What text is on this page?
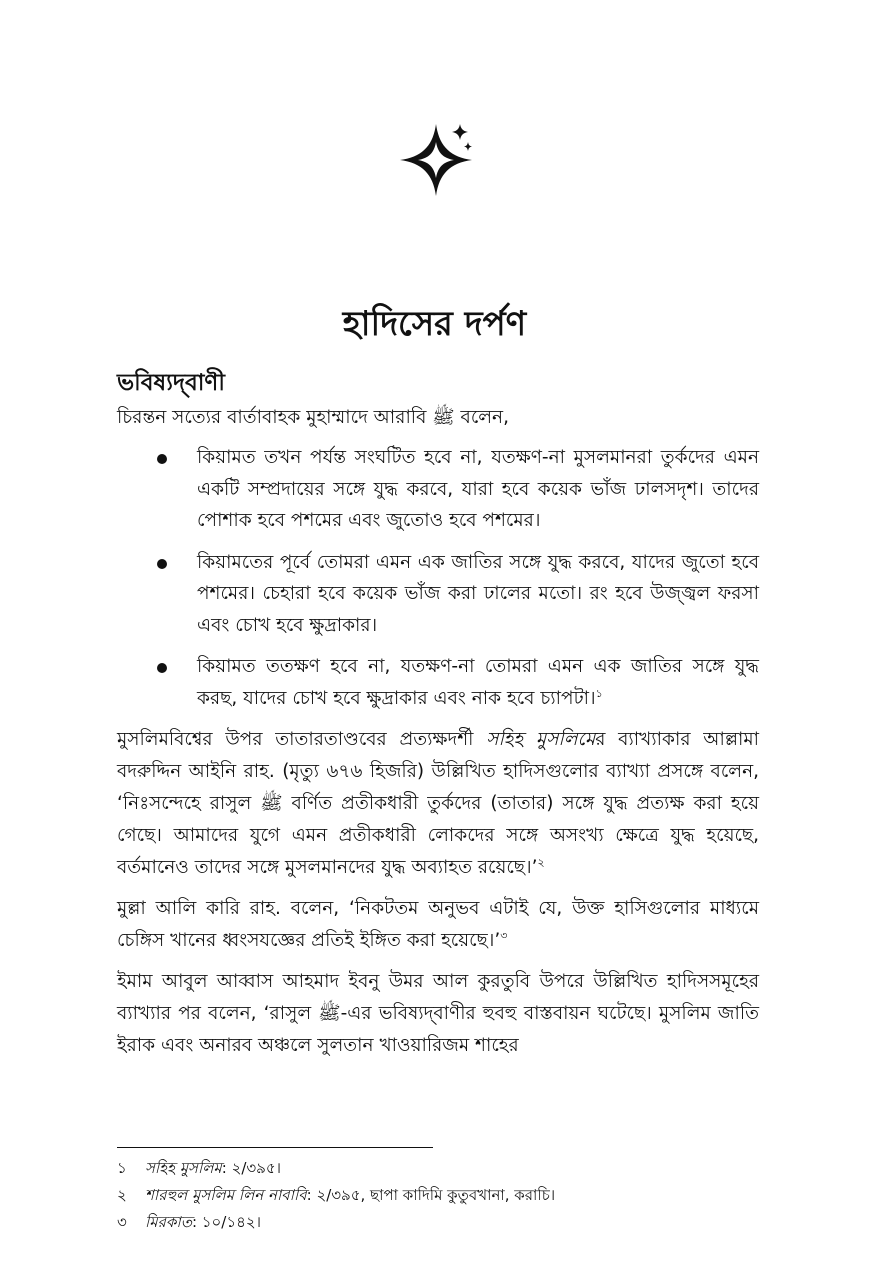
হাদিসের দর্পণ
ভবিষ্যদ্‌বাণী

চিরন্তন সত্যের বার্তাবাহক মুহাম্মাদে আরাবি ﷺ বলেন,

কিয়ামত তখন পর্যন্ত সংঘটিত হবে না, যতক্ষণ-না মুসলমানরা তুর্কদের এমন একটি সম্প্রদায়ের সঙ্গে যুদ্ধ করবে, যারা হবে কয়েক ভাঁজ ঢালসদৃশ। তাদের পোশাক হবে পশমের এবং জুতোও হবে পশমের।
কিয়ামতের পূর্বে তোমরা এমন এক জাতির সঙ্গে যুদ্ধ করবে, যাদের জুতো হবে পশমের। চেহারা হবে কয়েক ভাঁজ করা ঢালের মতো। রং হবে উজ্জ্বল ফরসা এবং চোখ হবে ক্ষুদ্রাকার।
কিয়ামত ততক্ষণ হবে না, যতক্ষণ-না তোমরা এমন এক জাতির সঙ্গে যুদ্ধ করছ, যাদের চোখ হবে ক্ষুদ্রাকার এবং নাক হবে চ্যাপটা।$^১$

মুসলিমবিশ্বের উপর তাতারতাণ্ডবের প্রত্যক্ষদর্শী সহিহ মুসলিমের ব্যাখ্যাকার আল্লামা বদরুদ্দিন আইনি রাহ. (মৃত্যু ৬৭৬ হিজরি) উল্লিখিত হাদিসগুলোর ব্যাখ্যা প্রসঙ্গে বলেন, ‘নিঃসন্দেহে রাসুল ﷺ বর্ণিত প্রতীকধারী তুর্কদের (তাতার) সঙ্গে যুদ্ধ প্রত্যক্ষ করা হয়ে গেছে। আমাদের যুগে এমন প্রতীকধারী লোকদের সঙ্গে অসংখ্য ক্ষেত্রে যুদ্ধ হয়েছে, বর্তমানেও তাদের সঙ্গে মুসলমানদের যুদ্ধ অব্যাহত রয়েছে।’$^২$

মুল্লা আলি কারি রাহ. বলেন, ‘নিকটতম অনুভব এটাই যে, উক্ত হাসিগুলোর মাধ্যমে চেঙ্গিস খানের ধ্বংসযজ্ঞের প্রতিই ইঙ্গিত করা হয়েছে।’$^৩$

ইমাম আবুল আব্বাস আহমাদ ইবনু উমর আল কুরতুবি উপরে উল্লিখিত হাদিসসমূহের ব্যাখ্যার পর বলেন, ‘রাসুল ﷺ-এর ভবিষ্যদ্‌বাণীর হুবহু বাস্তবায়ন ঘটেছে। মুসলিম জাতি ইরাক এবং অনারব অঞ্চলে সুলতান খাওয়ারিজম শাহের

১ সহিহ মুসলিম: ২/৩৯৫।
২ শারহুল মুসলিম লিন নাবাবি: ২/৩৯৫, ছাপা কাদিমি কুতুবখানা, করাচি।
৩ মিরকাত: ১০/১৪২।
